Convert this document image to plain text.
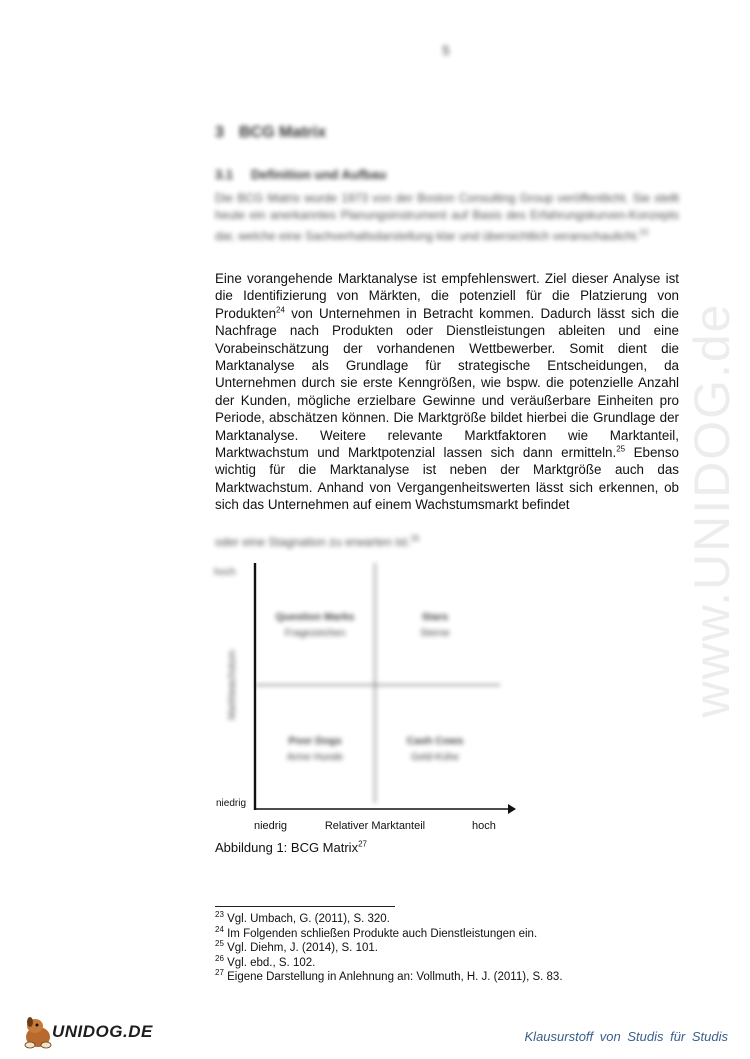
www.UNIDOG.de
5
3 BCG Matrix
3.1 Definition und Aufbau
Die BCG Matrix wurde 1973 von der Boston Consulting Group veröffentlicht. Sie stellt heute ein anerkanntes Planungsinstrument auf Basis des Erfahrungskurven-Konzepts dar, welche eine Sachverhaltsdarstellung klar und übersichtlich veranschaulicht.$^{23}$
Eine vorangehende Marktanalyse ist empfehlenswert. Ziel dieser Analyse ist die Identifizierung von Märkten, die potenziell für die Platzierung von Produkten$^{24}$ von Unternehmen in Betracht kommen. Dadurch lässt sich die Nachfrage nach Produkten oder Dienstleistungen ableiten und eine Vorabeinschätzung der vorhandenen Wettbewerber. Somit dient die Marktanalyse als Grundlage für strategische Entscheidungen, da Unternehmen durch sie erste Kenngrößen, wie bspw. die potenzielle Anzahl der Kunden, mögliche erzielbare Gewinne und veräußerbare Einheiten pro Periode, abschätzen können. Die Marktgröße bildet hierbei die Grundlage der Marktanalyse. Weitere relevante Marktfaktoren wie Marktanteil, Marktwachstum und Marktpotenzial lassen sich dann ermitteln.$^{25}$ Ebenso wichtig für die Marktanalyse ist neben der Marktgröße auch das Marktwachstum. Anhand von Vergangenheitswerten lässt sich erkennen, ob sich das Unternehmen auf einem Wachstumsmarkt befindet
oder eine Stagnation zu erwarten ist.$^{26}$
hoch
Marktwachstum
Question Marks
Fragezeichen
Stars
Sterne
Poor Dogs
Arme Hunde
Cash Cows
Geld-Kühe
niedrig
niedrig	Relativer Marktanteil	hoch
Abbildung 1: BCG Matrix$^{27}$
$^{23}$ Vgl. Umbach, G. (2011), S. 320.
$^{24}$ Im Folgenden schließen Produkte auch Dienstleistungen ein.
$^{25}$ Vgl. Diehm, J. (2014), S. 101.
$^{26}$ Vgl. ebd., S. 102.
$^{27}$ Eigene Darstellung in Anlehnung an: Vollmuth, H. J. (2011), S. 83.
UNIDOG.DE	Klausurstoff von Studis für Studis
